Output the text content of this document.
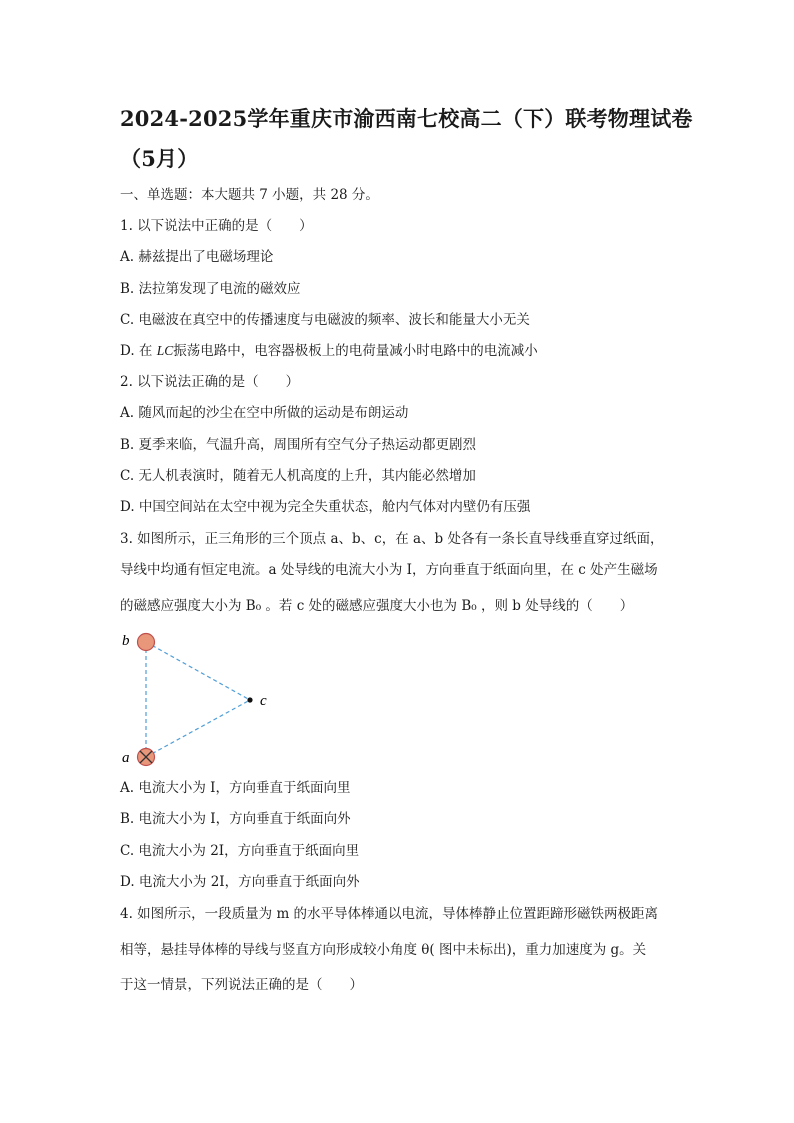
2024-2025学年重庆市渝西南七校高二（下）联考物理试卷
（5月）
一、单选题：本大题共 7 小题，共 28 分。
1. 以下说法中正确的是（　　）
A. 赫兹提出了电磁场理论
B. 法拉第发现了电流的磁效应
C. 电磁波在真空中的传播速度与电磁波的频率、波长和能量大小无关
D. 在 LC振荡电路中，电容器极板上的电荷量减小时电路中的电流减小
2. 以下说法正确的是（　　）
A. 随风而起的沙尘在空中所做的运动是布朗运动
B. 夏季来临，气温升高，周围所有空气分子热运动都更剧烈
C. 无人机表演时，随着无人机高度的上升，其内能必然增加
D. 中国空间站在太空中视为完全失重状态，舱内气体对内壁仍有压强
3. 如图所示，正三角形的三个顶点 a、b、c，在 a、b 处各有一条长直导线垂直穿过纸面，
导线中均通有恒定电流。a 处导线的电流大小为 I，方向垂直于纸面向里，在 c 处产生磁场
的磁感应强度大小为 B₀ 。若 c 处的磁感应强度大小也为 B₀ ，则 b 处导线的（　　）
b
a
c
A. 电流大小为 I，方向垂直于纸面向里
B. 电流大小为 I，方向垂直于纸面向外
C. 电流大小为 2I，方向垂直于纸面向里
D. 电流大小为 2I，方向垂直于纸面向外
4. 如图所示，一段质量为 m 的水平导体棒通以电流，导体棒静止位置距蹄形磁铁两极距离
相等，悬挂导体棒的导线与竖直方向形成较小角度 θ( 图中未标出)，重力加速度为 g。关
于这一情景，下列说法正确的是（　　）
